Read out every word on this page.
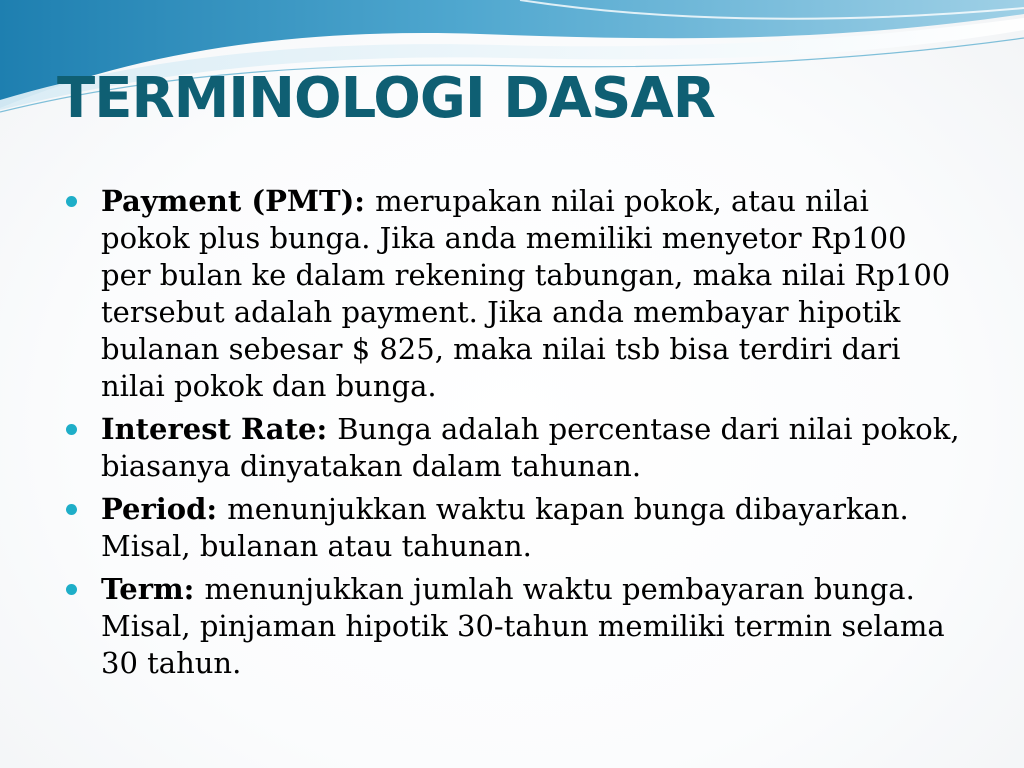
TERMINOLOGI DASAR
Payment (PMT): merupakan nilai pokok, atau nilai pokok plus bunga. Jika anda memiliki menyetor Rp100 per bulan ke dalam rekening tabungan, maka nilai Rp100 tersebut adalah payment. Jika anda membayar hipotik bulanan sebesar $ 825, maka nilai tsb bisa terdiri dari nilai pokok dan bunga.
Interest Rate: Bunga adalah percentase dari nilai pokok, biasanya dinyatakan dalam tahunan.
Period: menunjukkan waktu kapan bunga dibayarkan. Misal, bulanan atau tahunan.
Term: menunjukkan jumlah waktu pembayaran bunga. Misal, pinjaman hipotik 30-tahun memiliki termin selama 30 tahun.
